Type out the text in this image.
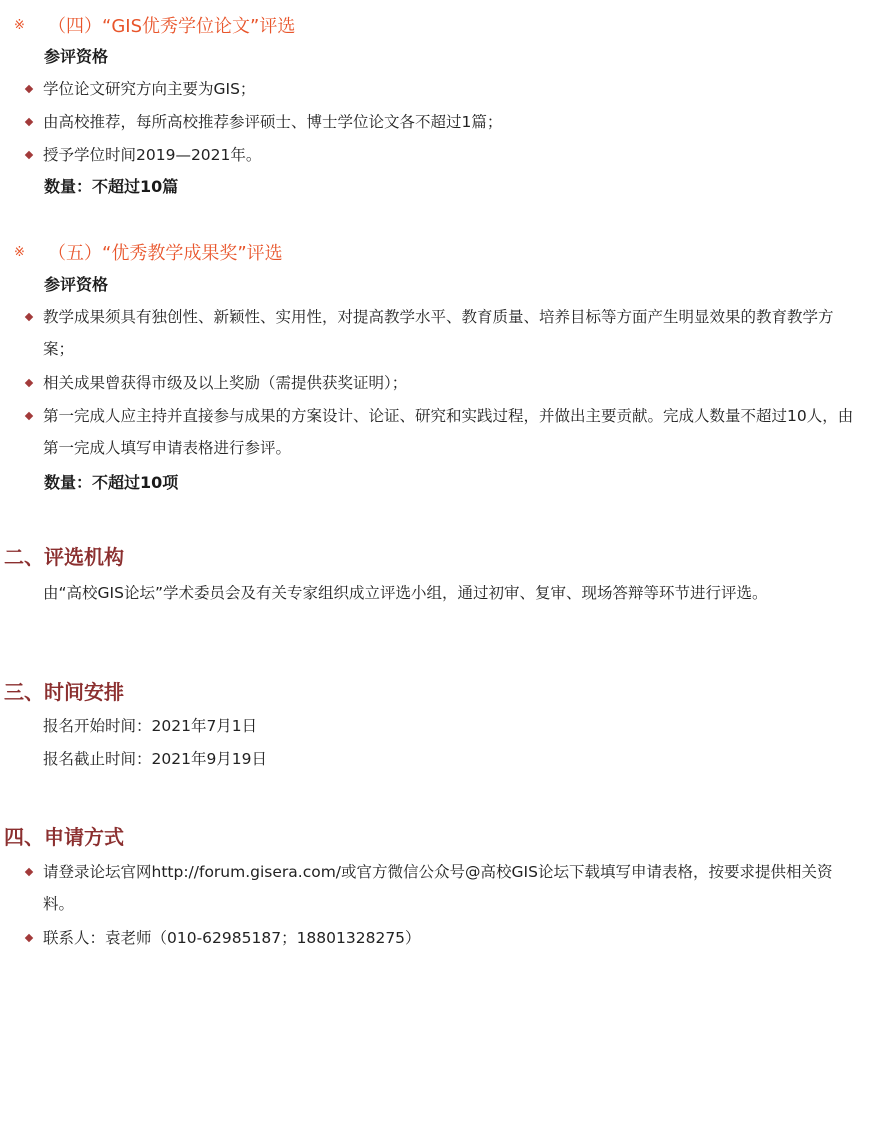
※	（四）“GIS优秀学位论文”评选
参评资格
学位论文研究方向主要为GIS；
由高校推荐，每所高校推荐参评硕士、博士学位论文各不超过1篇；
授予学位时间2019—2021年。
数量：不超过10篇
※	（五）“优秀教学成果奖”评选
参评资格
教学成果须具有独创性、新颖性、实用性，对提高教学水平、教育质量、培养目标等方面产生明显效果的教育教学方案；
相关成果曾获得市级及以上奖励（需提供获奖证明）；
第一完成人应主持并直接参与成果的方案设计、论证、研究和实践过程，并做出主要贡献。完成人数量不超过10人，由第一完成人填写申请表格进行参评。
数量：不超过10项
二、评选机构
由“高校GIS论坛”学术委员会及有关专家组织成立评选小组，通过初审、复审、现场答辩等环节进行评选。
三、时间安排
报名开始时间：2021年7月1日
报名截止时间：2021年9月19日
四、申请方式
请登录论坛官网http://forum.gisera.com/或官方微信公众号@高校GIS论坛下载填写申请表格，按要求提供相关资料。
联系人：袁老师（010-62985187；18801328275）
